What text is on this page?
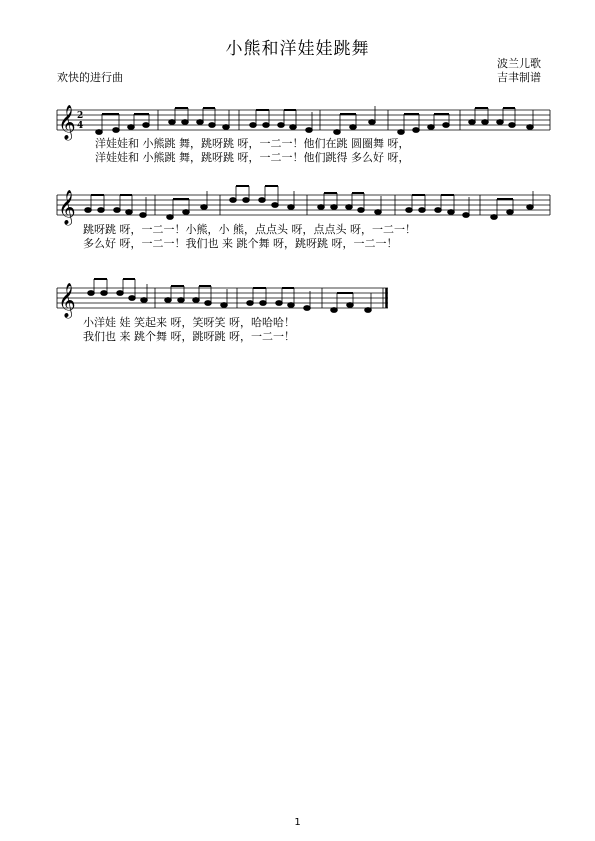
小熊和洋娃娃跳舞
欢快的进行曲
波兰儿歌
吉聿制谱
𝄞
𝄞
𝄞
2
4
洋娃娃和 小熊跳 舞，跳呀跳 呀，一二一！他们在跳 圆圈舞 呀，
洋娃娃和 小熊跳 舞，跳呀跳 呀，一二一！他们跳得 多么好 呀，
跳呀跳 呀，一二一！小熊，小 熊，点点头 呀，点点头 呀，一二一！
多么好 呀，一二一！我们也 来 跳个舞 呀，跳呀跳 呀，一二一！
小洋娃 娃 笑起来 呀，笑呀笑 呀，哈哈哈！
我们也 来 跳个舞 呀，跳呀跳 呀，一二一！
1
